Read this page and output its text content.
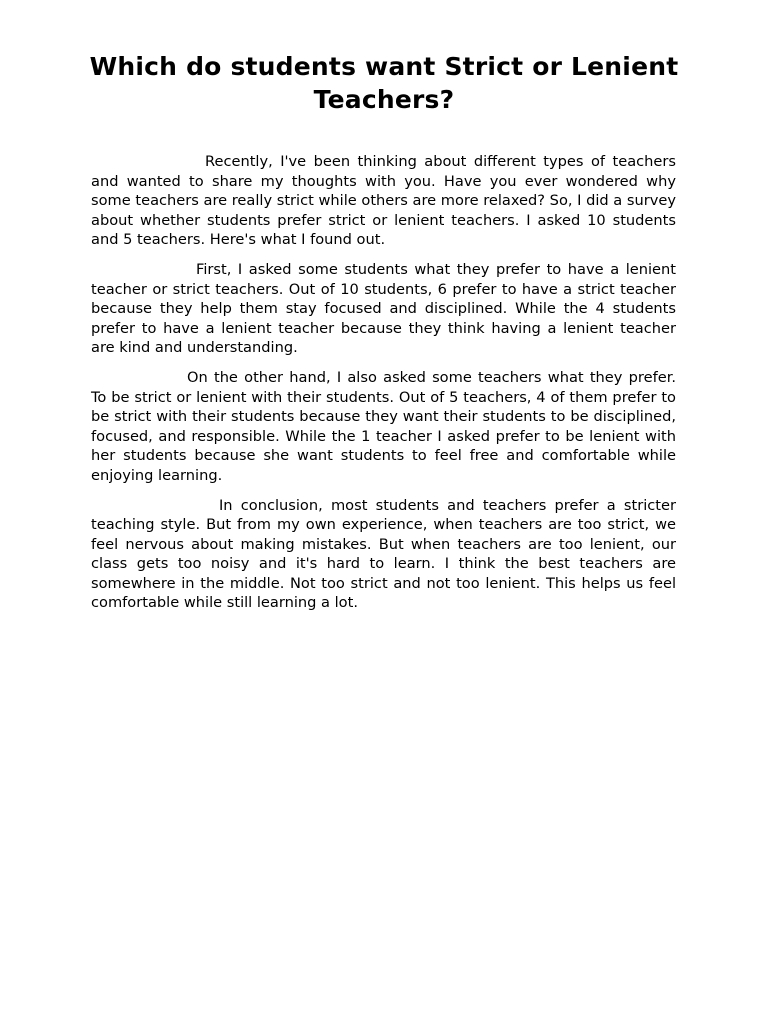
Which do students want Strict or Lenient Teachers?

Recently, I've been thinking about different types of teachers and wanted to share my thoughts with you. Have you ever wondered why some teachers are really strict while others are more relaxed? So, I did a survey about whether students prefer strict or lenient teachers. I asked 10 students and 5 teachers. Here's what I found out.

First, I asked some students what they prefer to have a lenient teacher or strict teachers. Out of 10 students, 6 prefer to have a strict teacher because they help them stay focused and disciplined. While the 4 students prefer to have a lenient teacher because they think having a lenient teacher are kind and understanding.

On the other hand, I also asked some teachers what they prefer. To be strict or lenient with their students. Out of 5 teachers, 4 of them prefer to be strict with their students because they want their students to be disciplined, focused, and responsible. While the 1 teacher I asked prefer to be lenient with her students because she want students to feel free and comfortable while enjoying learning.

In conclusion, most students and teachers prefer a stricter teaching style. But from my own experience, when teachers are too strict, we feel nervous about making mistakes. But when teachers are too lenient, our class gets too noisy and it's hard to learn. I think the best teachers are somewhere in the middle. Not too strict and not too lenient. This helps us feel comfortable while still learning a lot.
